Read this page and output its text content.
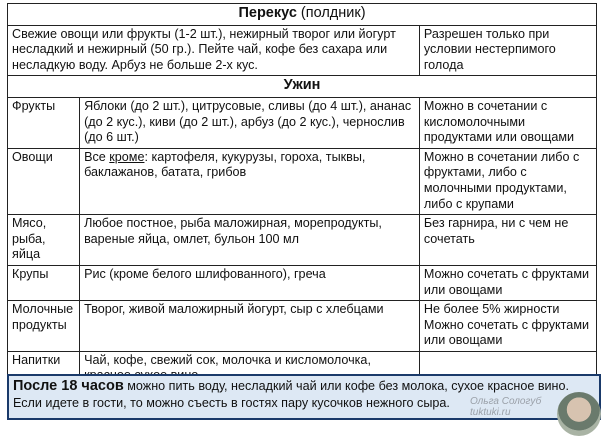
Перекус (полдник)		
Свежие овощи или фрукты (1-2 шт.), нежирный творог или йогурт несладкий и нежирный (50 гр.). Пейте чай, кофе без сахара или несладкую воду. Арбуз не больше 2-х кус.		Разрешен только при условии нестерпимого голода
Ужин		
Фрукты	Яблоки (до 2 шт.), цитрусовые, сливы (до 4 шт.), ананас (до 2 кус.), киви (до 2 шт.), арбуз (до 2 кус.), чернослив (до 6 шт.)	Можно в сочетании с кисломолочными продуктами или овощами
Овощи	Все кроме: картофеля, кукурузы, гороха, тыквы, баклажанов, батата, грибов	Можно в сочетании либо с фруктами, либо с молочными продуктами, либо с крупами
Мясо, рыба, яйца	Любое постное, рыба маложирная, морепродукты, вареные яйца, омлет, бульон 100 мл	Без гарнира, ни с чем не сочетать
Крупы	Рис (кроме белого шлифованного), греча	Можно сочетать с фруктами или овощами
Молочные продукты	Творог, живой маложирный йогурт, сыр с хлебцами	Не более 5% жирности Можно сочетать с фруктами или овощами
Напитки	Чай, кофе, свежий сок, молочка и кисломолочка,	
После 18 часов можно пить воду, несладкий чай или кофе без молока, сухое красное вино. Если идете в гости, то можно съесть в гостях пару кусочков нежного сыра.	Ольга Сологуб
tuktuki.ru
